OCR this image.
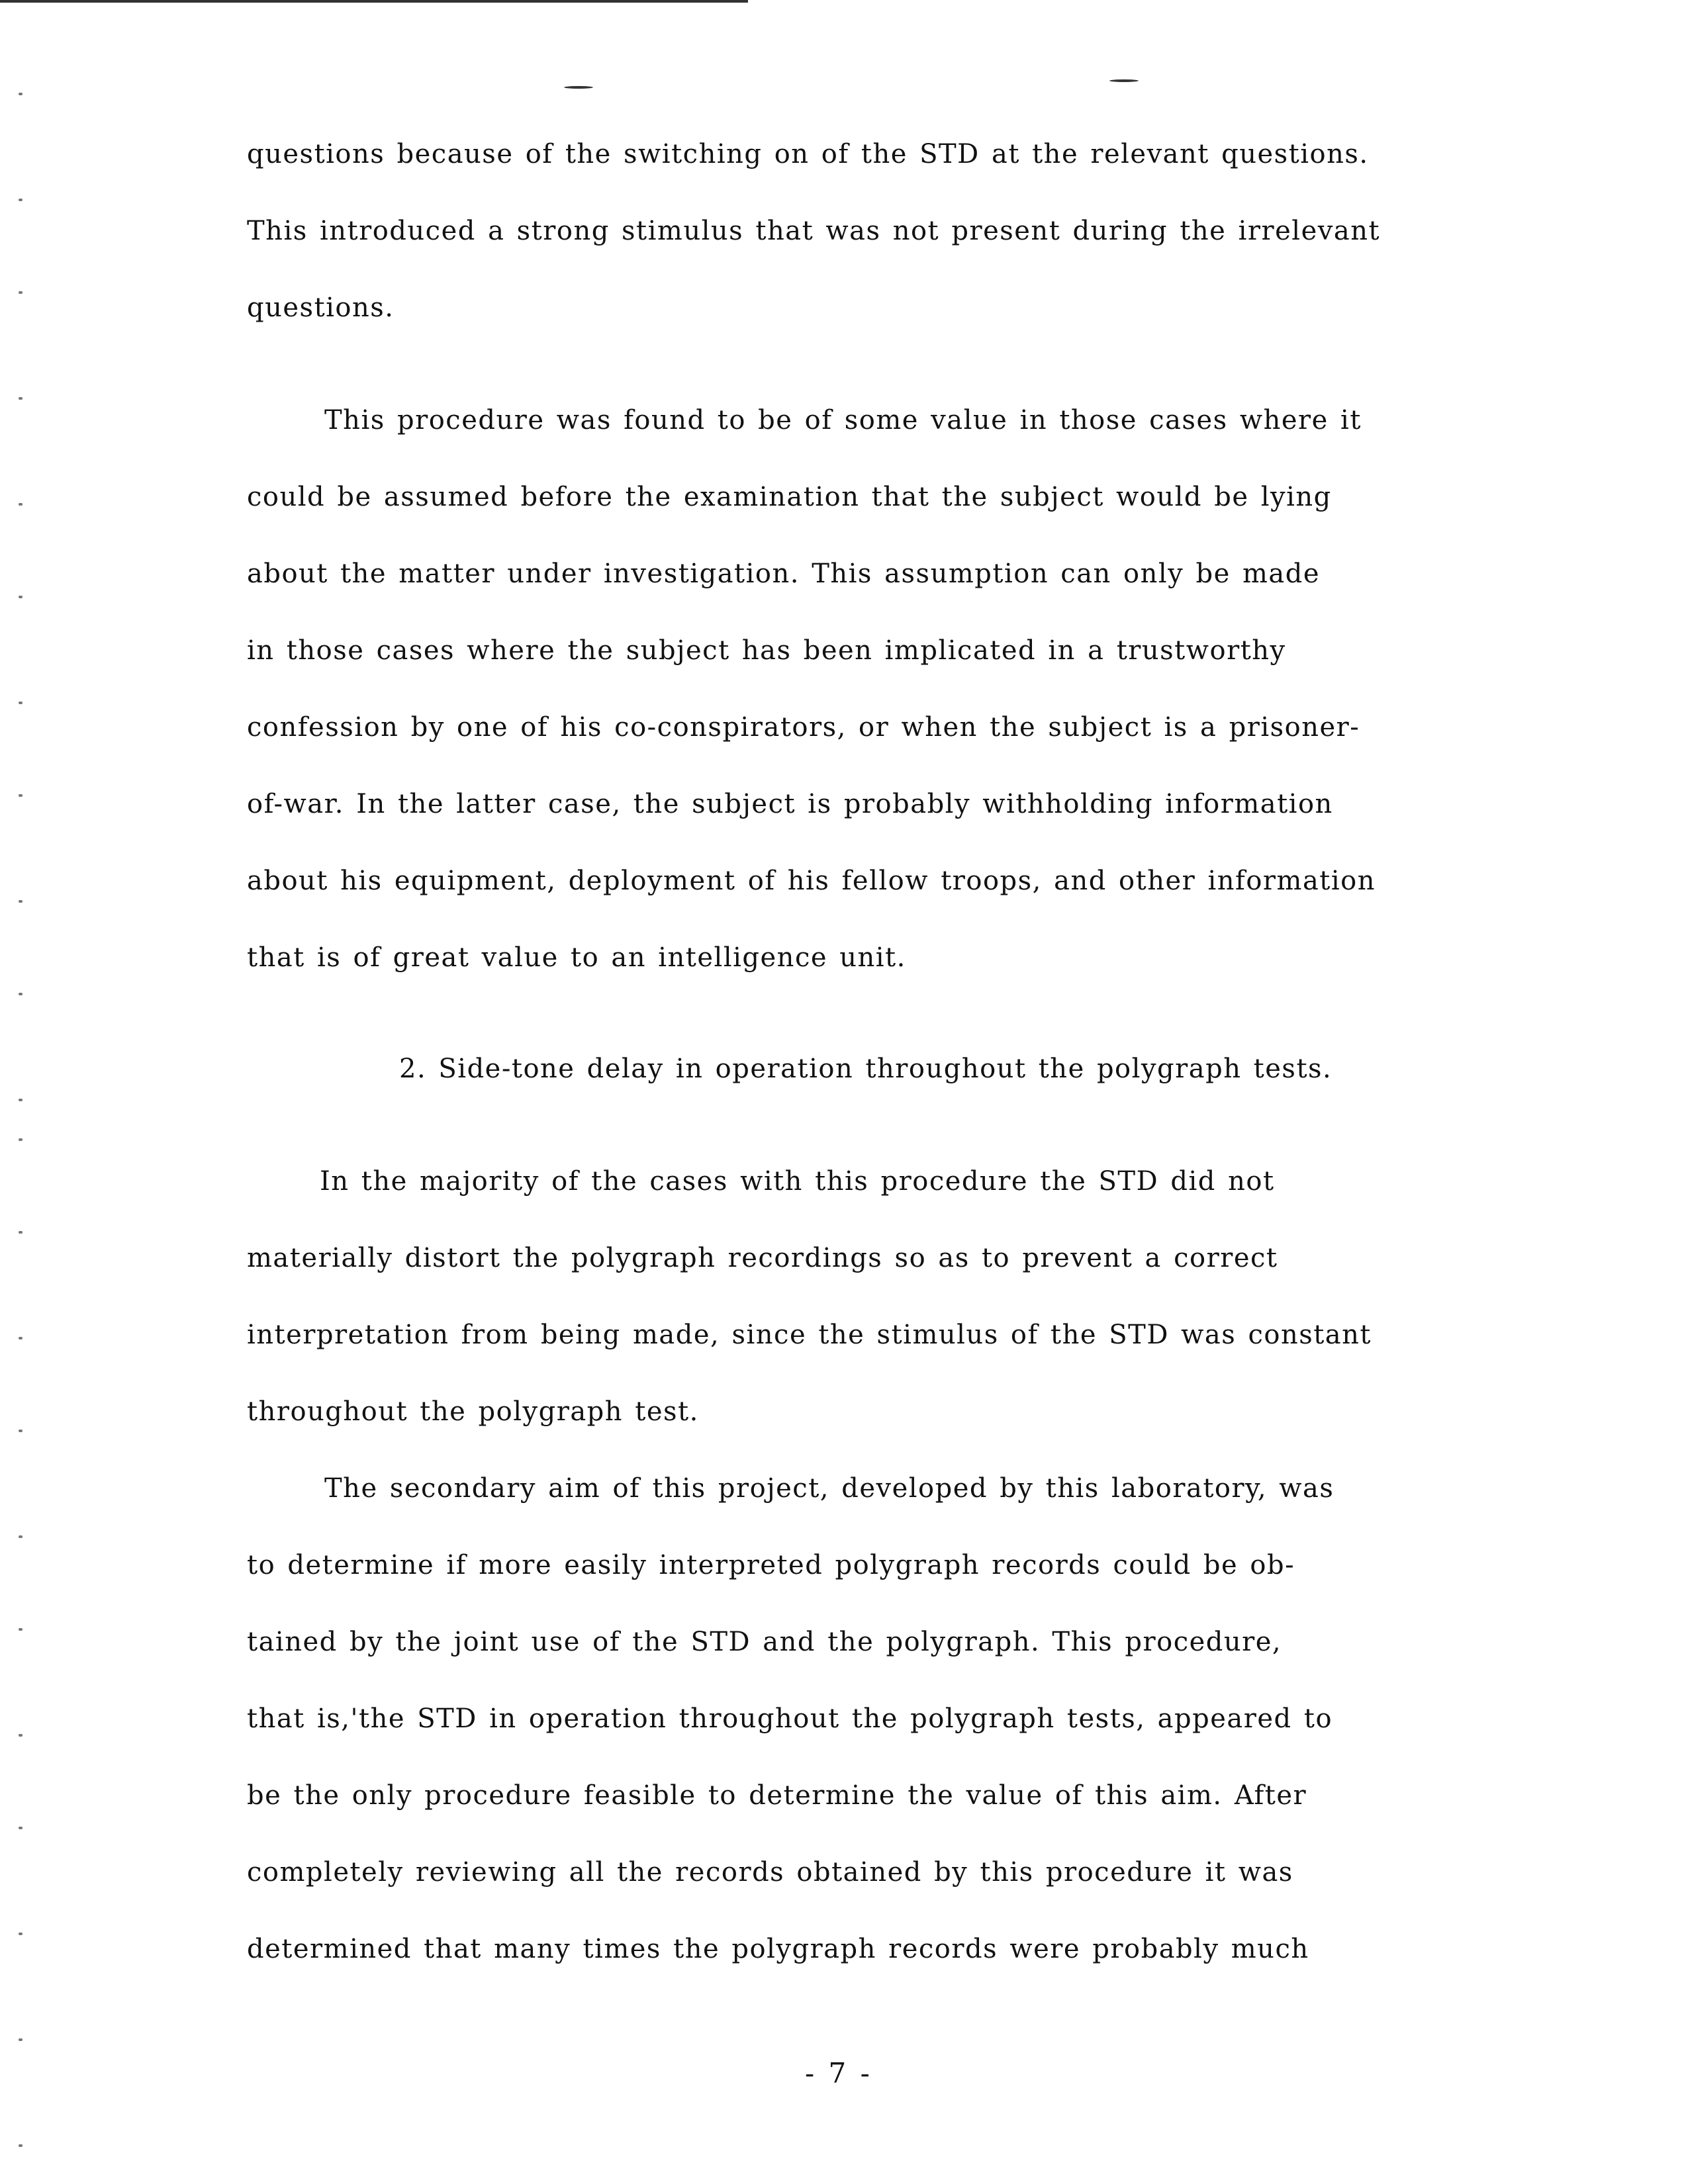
questions because of the switching on of the STD at the relevant questions.
This introduced a strong stimulus that was not present during the irrelevant
questions.
This procedure was found to be of some value in those cases where it
could be assumed before the examination that the subject would be lying
about the matter under investigation. This assumption can only be made
in those cases where the subject has been implicated in a trustworthy
confession by one of his co-conspirators, or when the subject is a prisoner-
of-war. In the latter case, the subject is probably withholding information
about his equipment, deployment of his fellow troops, and other information
that is of great value to an intelligence unit.
2. Side-tone delay in operation throughout the polygraph tests.
In the majority of the cases with this procedure the STD did not
materially distort the polygraph recordings so as to prevent a correct
interpretation from being made, since the stimulus of the STD was constant
throughout the polygraph test.
The secondary aim of this project, developed by this laboratory, was
to determine if more easily interpreted polygraph records could be ob-
tained by the joint use of the STD and the polygraph. This procedure,
that is,'the STD in operation throughout the polygraph tests, appeared to
be the only procedure feasible to determine the value of this aim. After
completely reviewing all the records obtained by this procedure it was
determined that many times the polygraph records were probably much
- 7 -
